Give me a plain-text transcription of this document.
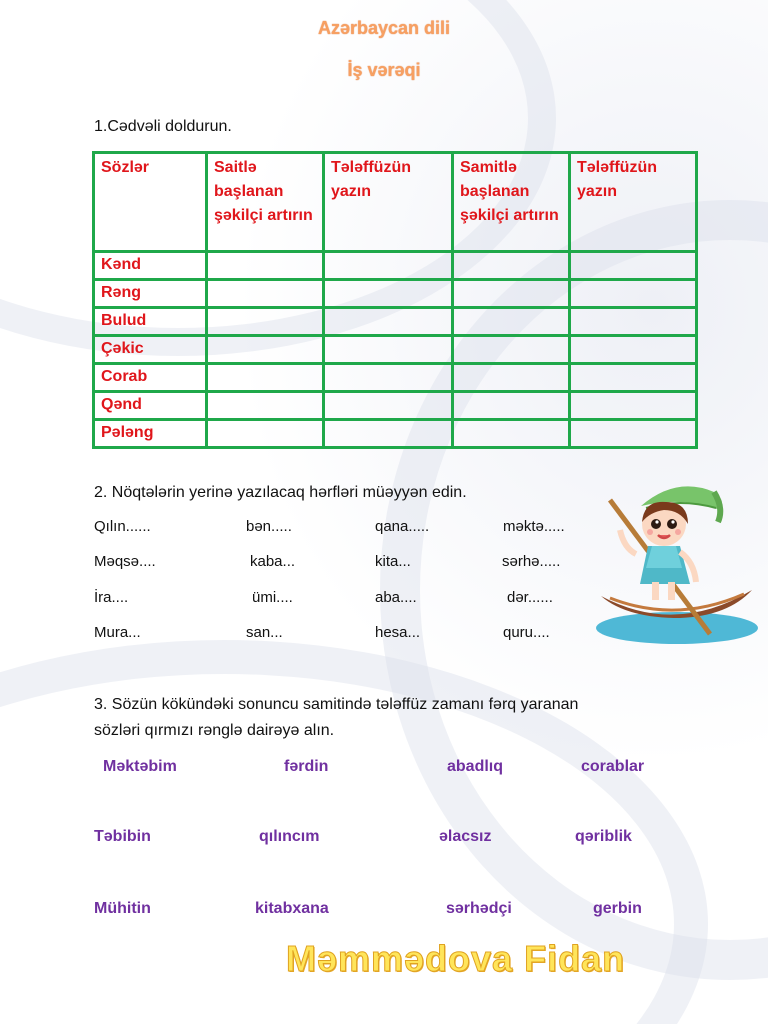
Azərbaycan dili
İş vərəqi
1.Cədvəli doldurun.
Sözlər	Saitlə başlanan şəkilçi artırın	Tələffüzün yazın	Samitlə başlanan şəkilçi artırın	Tələffüzün yazın
Kənd				
Rəng				
Bulud				
Çəkic				
Corab				
Qənd				
Pələng				
2. Nöqtələrin yerinə yazılacaq hərfləri müəyyən edin.
Qılın......	bən.....	qana.....	məktə.....
Məqsə....	kaba...	kita...	sərhə.....
İra....	ümi....	aba....	dər......
Mura...	san...	hesa...	quru....
3. Sözün kökündəki sonuncu samitində tələffüz zamanı fərq yaranan
sözləri qırmızı rənglə dairəyə alın.
Məktəbim	fərdin	abadlıq	corablar
Təbibin	qılıncım	əlacsız	qəriblik
Mühitin	kitabxana	sərhədçi	gerbin
Məmmədova Fidan
